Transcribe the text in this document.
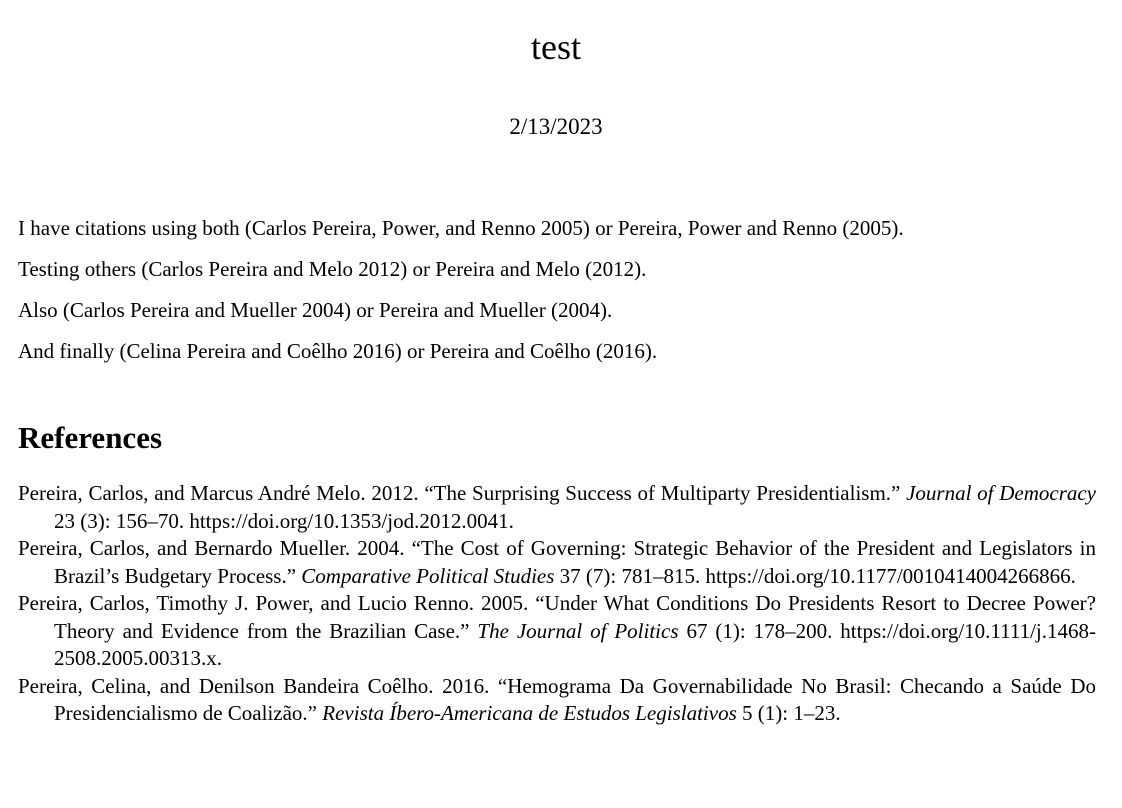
test
2/13/2023

I have citations using both (Carlos Pereira, Power, and Renno 2005) or Pereira, Power and Renno (2005).

Testing others (Carlos Pereira and Melo 2012) or Pereira and Melo (2012).

Also (Carlos Pereira and Mueller 2004) or Pereira and Mueller (2004).

And finally (Celina Pereira and Coêlho 2016) or Pereira and Coêlho (2016).

References

Pereira, Carlos, and Marcus André Melo. 2012. “The Surprising Success of Multiparty Presidentialism.” Journal of Democracy 23 (3): 156–70. https://doi.org/10.1353/jod.2012.0041.

Pereira, Carlos, and Bernardo Mueller. 2004. “The Cost of Governing: Strategic Behavior of the President and Legislators in Brazil’s Budgetary Process.” Comparative Political Studies 37 (7): 781–815. https://doi.org/10.1177/0010414004266866.

Pereira, Carlos, Timothy J. Power, and Lucio Renno. 2005. “Under What Conditions Do Presidents Resort to Decree Power? Theory and Evidence from the Brazilian Case.” The Journal of Politics 67 (1): 178–200. https://doi.org/10.1111/j.1468-2508.2005.00313.x.

Pereira, Celina, and Denilson Bandeira Coêlho. 2016. “Hemograma Da Governabilidade No Brasil: Checando a Saúde Do Presidencialismo de Coalizão.” Revista Íbero-Americana de Estudos Legislativos 5 (1): 1–23.
